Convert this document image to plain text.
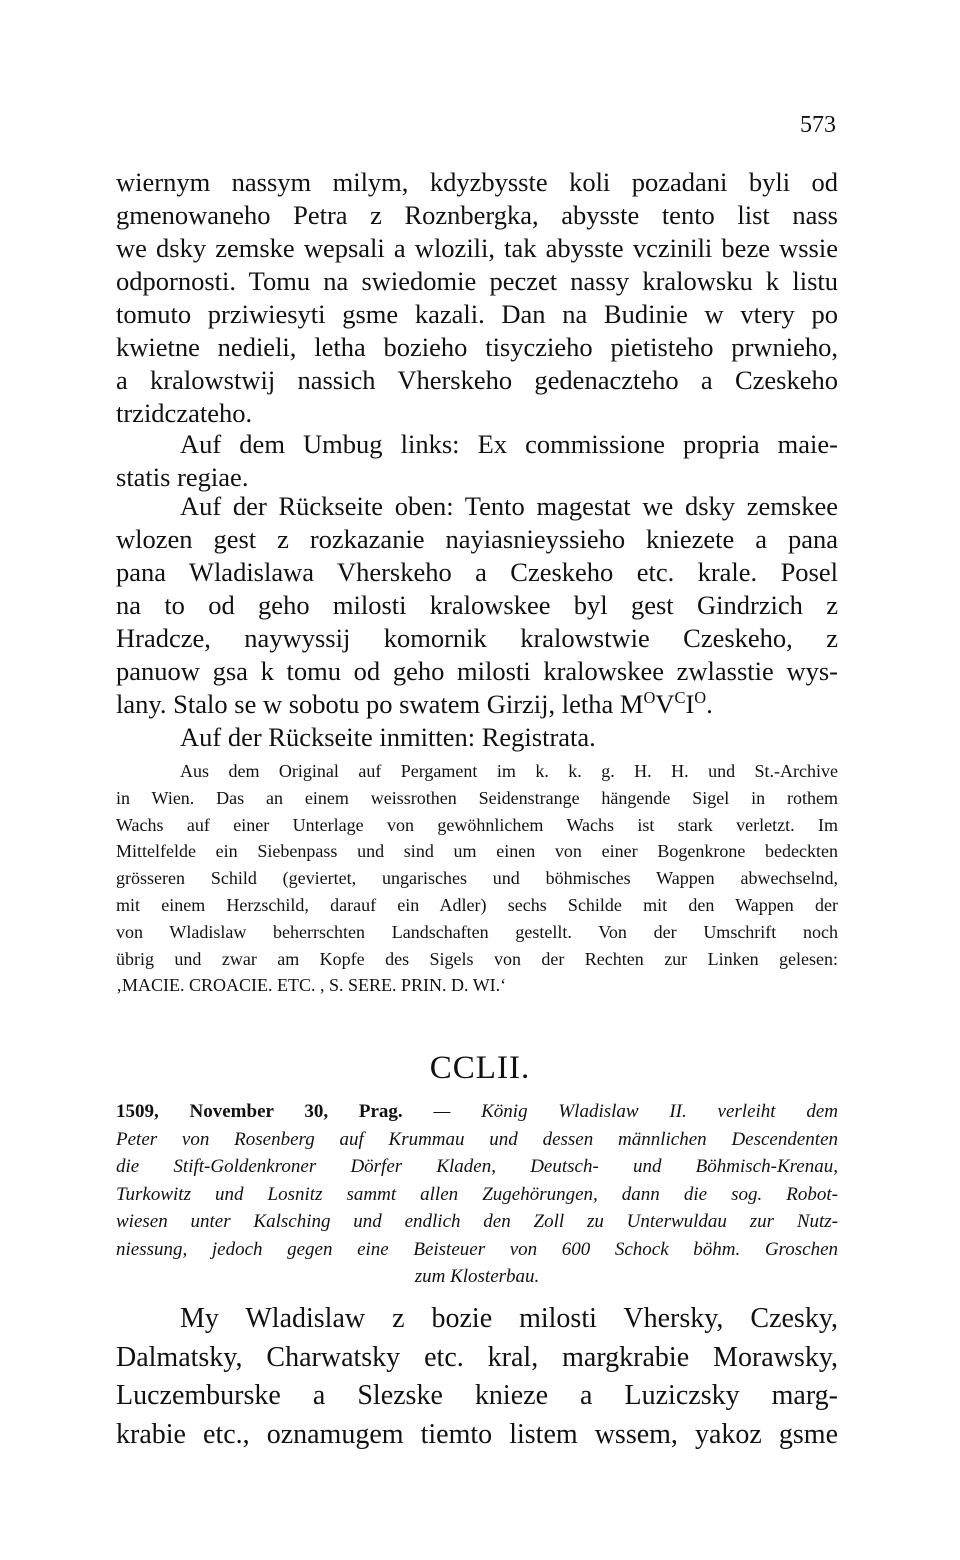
573
wiernym nassym milym, kdyzbysste koli pozadani byli od
gmenowaneho Petra z Roznbergka, abysste tento list nass
we dsky zemske wepsali a wlozili, tak abysste vczinili beze wssie
odpornosti. Tomu na swiedomie peczet nassy kralowsku k listu
tomuto prziwiesyti gsme kazali. Dan na Budinie w vtery po
kwietne nedieli, letha bozieho tisyczieho pietisteho prwnieho,
a kralowstwij nassich Vherskeho gedenaczteho a Czeskeho
trzidczateho.
Auf dem Umbug links: Ex commissione propria maie-
statis regiae.
Auf der Rückseite oben: Tento magestat we dsky zemskee
wlozen gest z rozkazanie nayiasnieyssieho kniezete a pana
pana Wladislawa Vherskeho a Czeskeho etc. krale. Posel
na to od geho milosti kralowskee byl gest Gindrzich z
Hradcze, naywyssij komornik kralowstwie Czeskeho, z
panuow gsa k tomu od geho milosti kralowskee zwlasstie wys-
lany. Stalo se w sobotu po swatem Girzij, letha $M^OV^CI^O$.
Auf der Rückseite inmitten: Registrata.
Aus dem Original auf Pergament im k. k. g. H. H. und St.-Archive
in Wien. Das an einem weissrothen Seidenstrange hängende Sigel in rothem
Wachs auf einer Unterlage von gewöhnlichem Wachs ist stark verletzt. Im
Mittelfelde ein Siebenpass und sind um einen von einer Bogenkrone bedeckten
grösseren Schild (geviertet, ungarisches und böhmisches Wappen abwechselnd,
mit einem Herzschild, darauf ein Adler) sechs Schilde mit den Wappen der
von Wladislaw beherrschten Landschaften gestellt. Von der Umschrift noch
übrig und zwar am Kopfe des Sigels von der Rechten zur Linken gelesen:
‚MACIE. CROACIE. ETC. , S. SERE. PRIN. D. WI.‘
CCLII.
1509, November 30, Prag. — König Wladislaw II. verleiht dem
Peter von Rosenberg auf Krummau und dessen männlichen Descendenten
die Stift-Goldenkroner Dörfer Kladen, Deutsch- und Böhmisch-Krenau,
Turkowitz und Losnitz sammt allen Zugehörungen, dann die sog. Robot-
wiesen unter Kalsching und endlich den Zoll zu Unterwuldau zur Nutz-
niessung, jedoch gegen eine Beisteuer von 600 Schock böhm. Groschen
zum Klosterbau.
My Wladislaw z bozie milosti Vhersky, Czesky,
Dalmatsky, Charwatsky etc. kral, margkrabie Morawsky,
Luczemburske a Slezske knieze a Luziczsky marg-
krabie etc., oznamugem tiemto listem wssem, yakoz gsme
